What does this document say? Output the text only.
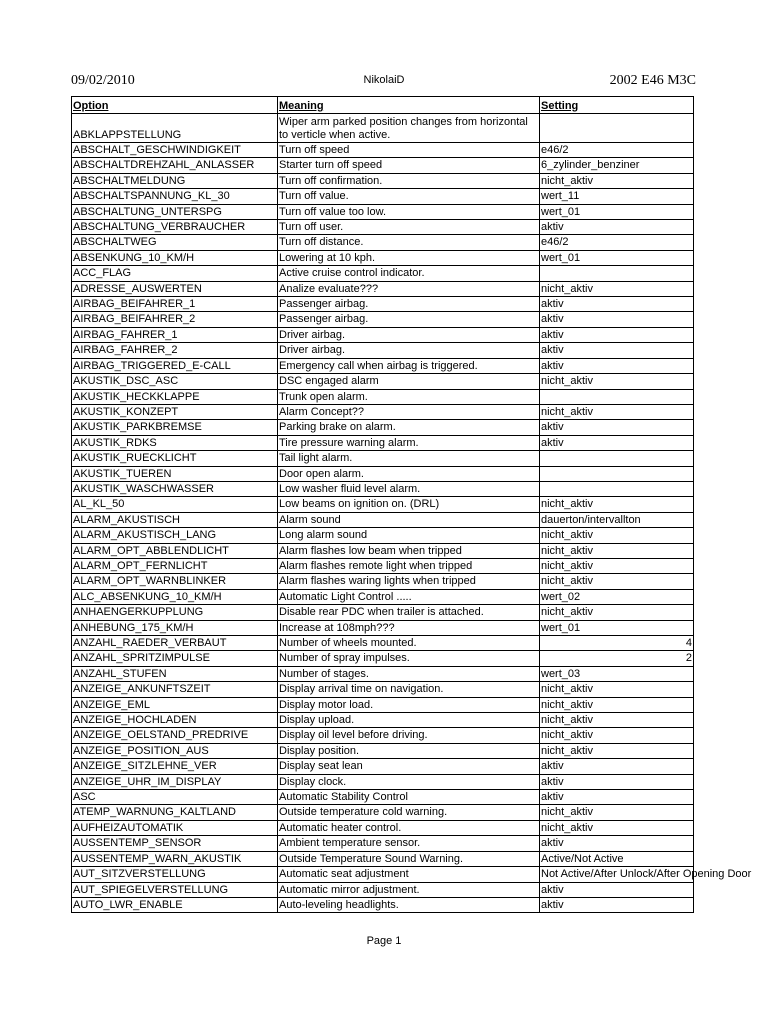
09/02/2010	NikolaiD	2002 E46 M3C
Option	Meaning	Setting
ABKLAPPSTELLUNG	Wiper arm parked position changes from horizontal to verticle when active.	
ABSCHALT_GESCHWINDIGKEIT	Turn off speed	e46/2
ABSCHALTDREHZAHL_ANLASSER	Starter turn off speed	6_zylinder_benziner
ABSCHALTMELDUNG	Turn off confirmation.	nicht_aktiv
ABSCHALTSPANNUNG_KL_30	Turn off value.	wert_11
ABSCHALTUNG_UNTERSPG	Turn off value too low.	wert_01
ABSCHALTUNG_VERBRAUCHER	Turn off user.	aktiv
ABSCHALTWEG	Turn off distance.	e46/2
ABSENKUNG_10_KM/H	Lowering at 10 kph.	wert_01
ACC_FLAG	Active cruise control indicator.	
ADRESSE_AUSWERTEN	Analize evaluate???	nicht_aktiv
AIRBAG_BEIFAHRER_1	Passenger airbag.	aktiv
AIRBAG_BEIFAHRER_2	Passenger airbag.	aktiv
AIRBAG_FAHRER_1	Driver airbag.	aktiv
AIRBAG_FAHRER_2	Driver airbag.	aktiv
AIRBAG_TRIGGERED_E-CALL	Emergency call when airbag is triggered.	aktiv
AKUSTIK_DSC_ASC	DSC engaged alarm	nicht_aktiv
AKUSTIK_HECKKLAPPE	Trunk open alarm.	
AKUSTIK_KONZEPT	Alarm Concept??	nicht_aktiv
AKUSTIK_PARKBREMSE	Parking brake on alarm.	aktiv
AKUSTIK_RDKS	Tire pressure warning alarm.	aktiv
AKUSTIK_RUECKLICHT	Tail light alarm.	
AKUSTIK_TUEREN	Door open alarm.	
AKUSTIK_WASCHWASSER	Low washer fluid level alarm.	
AL_KL_50	Low beams on ignition on. (DRL)	nicht_aktiv
ALARM_AKUSTISCH	Alarm sound	dauerton/intervallton
ALARM_AKUSTISCH_LANG	Long alarm sound	nicht_aktiv
ALARM_OPT_ABBLENDLICHT	Alarm flashes low beam when tripped	nicht_aktiv
ALARM_OPT_FERNLICHT	Alarm flashes remote light when tripped	nicht_aktiv
ALARM_OPT_WARNBLINKER	Alarm flashes waring lights when tripped	nicht_aktiv
ALC_ABSENKUNG_10_KM/H	Automatic Light Control .....	wert_02
ANHAENGERKUPPLUNG	Disable rear PDC when trailer is attached.	nicht_aktiv
ANHEBUNG_175_KM/H	Increase at 108mph???	wert_01
ANZAHL_RAEDER_VERBAUT	Number of wheels mounted.	4
ANZAHL_SPRITZIMPULSE	Number of spray impulses.	2
ANZAHL_STUFEN	Number of stages.	wert_03
ANZEIGE_ANKUNFTSZEIT	Display arrival time on navigation.	nicht_aktiv
ANZEIGE_EML	Display motor load.	nicht_aktiv
ANZEIGE_HOCHLADEN	Display upload.	nicht_aktiv
ANZEIGE_OELSTAND_PREDRIVE	Display oil level before driving.	nicht_aktiv
ANZEIGE_POSITION_AUS	Display position.	nicht_aktiv
ANZEIGE_SITZLEHNE_VER	Display seat lean	aktiv
ANZEIGE_UHR_IM_DISPLAY	Display clock.	aktiv
ASC	Automatic Stability Control	aktiv
ATEMP_WARNUNG_KALTLAND	Outside temperature cold warning.	nicht_aktiv
AUFHEIZAUTOMATIK	Automatic heater control.	nicht_aktiv
AUSSENTEMP_SENSOR	Ambient temperature sensor.	aktiv
AUSSENTEMP_WARN_AKUSTIK	Outside Temperature Sound Warning.	Active/Not Active
AUT_SITZVERSTELLUNG	Automatic seat adjustment	Not Active/After Unlock/After Opening Door
AUT_SPIEGELVERSTELLUNG	Automatic mirror adjustment.	aktiv
AUTO_LWR_ENABLE	Auto-leveling headlights.	aktiv
Page 1
